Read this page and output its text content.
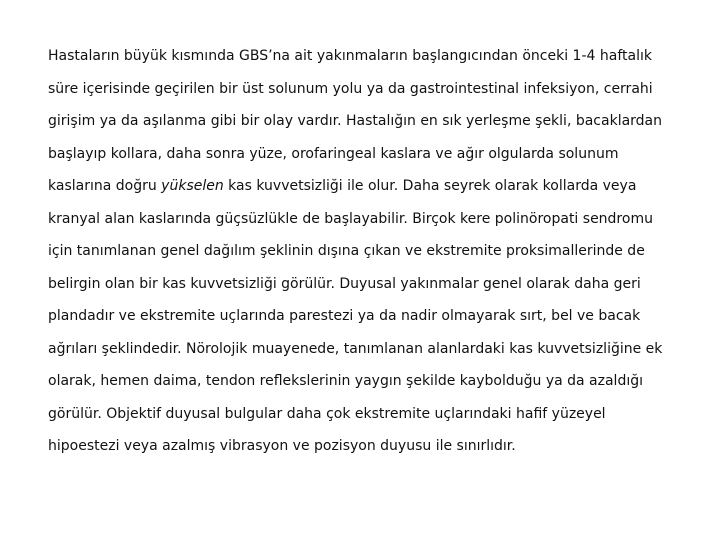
Hastaların büyük kısmında GBS’na ait yakınmaların başlangıcından önceki 1-4 haftalık
süre içerisinde geçirilen bir üst solunum yolu ya da gastrointestinal infeksiyon, cerrahi
girişim ya da aşılanma gibi bir olay vardır. Hastalığın en sık yerleşme şekli, bacaklardan
başlayıp kollara, daha sonra yüze, orofaringeal kaslara ve ağır olgularda solunum
kaslarına doğru yükselen kas kuvvetsizliği ile olur. Daha seyrek olarak kollarda veya
kranyal alan kaslarında güçsüzlükle de başlayabilir. Birçok kere polinöropati sendromu
için tanımlanan genel dağılım şeklinin dışına çıkan ve ekstremite proksimallerinde de
belirgin olan bir kas kuvvetsizliği görülür. Duyusal yakınmalar genel olarak daha geri
plandadır ve ekstremite uçlarında parestezi ya da nadir olmayarak sırt, bel ve bacak
ağrıları şeklindedir. Nörolojik muayenede, tanımlanan alanlardaki kas kuvvetsizliğine ek
olarak, hemen daima, tendon reflekslerinin yaygın şekilde kaybolduğu ya da azaldığı
görülür. Objektif duyusal bulgular daha çok ekstremite uçlarındaki hafif yüzeyel
hipoestezi veya azalmış vibrasyon ve pozisyon duyusu ile sınırlıdır.
